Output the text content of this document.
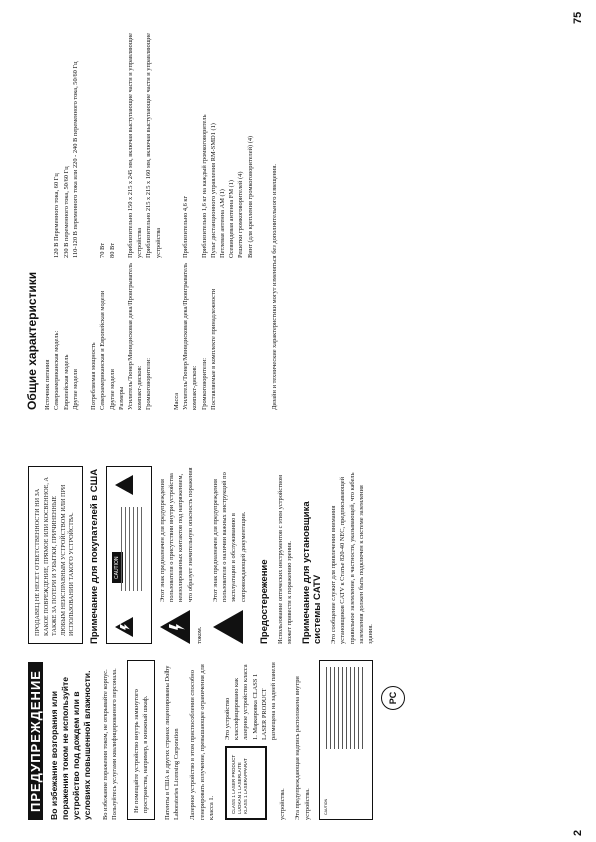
2
75
ПРЕДУПРЕЖДЕНИЕ Во избежание возгорания или поражения током не используйте устройство под дождем или в условиях повышенной влажности. Во избежание поражения током, не открывайте корпус. Пользуйтесь услугами квалифицированного персонала.	Не помещайте устройство внутрь замкнутого пространства, например, в книжный шкаф.	Патенты в США и других странах лицензированы Dolby Laboratories Licensing Corporation Лазерное устройство в этом приспособлении способно генерировать излучение, превышающее ограничения для класса 1.	CLASS 1 LASER PRODUCT LUOKAN 1 LASERLAITE KLASS 1 LASERAPPARAT
Это устройство классифицировано как лазерное устройство класса 1. Маркировка CLASS 1 LASER PRODUCT размещена на задней панели устройства. Эта предупреждающая надпись расположена внутри устройства.	CAUTION
PC
ПРОДАВЕЦ НЕ НЕСЕТ ОТВЕТСТВЕННОСТИ НИ ЗА КАКОЕ ПОВРЕЖДЕНИЕ, ПРЯМОЕ ИЛИ КОСВЕННОЕ, А ТАКЖЕ ЗА ПОТЕРИ И УБЫТКИ, ПРИЧИНЕННЫЕ ЛЮБЫМ НЕИСПРАВНЫМ УСТРОЙСТВОМ ИЛИ ПРИ ИСПОЛЬЗОВАНИИ ТАКОГО УСТРОЙСТВА.	Примечание для покупателей в США	CAUTION	Этот знак предназначен для предупреждения пользователя о присутствии внутри устройства неизолированных контактов под напряжением, что образует значительную опасность поражения током.

Этот знак предназначен для предупреждения пользователя о наличии важных инструкций по эксплуатации и обслуживанию в сопровождающей документации. Предостережение Использование оптических инструментов с этим устройством может привести к поражению зрения. Примечание для установщика системы CATV Это сообщение служит для привлечения внимания установщиков CATV к Статье 820-40 NEC, предписывающей правильное заземление, в частности, указывающей, что кабель заземления должен быть подключен к системе заземления здания.

Общие характеристики Источник питания Североамериканская модель:
120 В Переменного тока, 60 Гц
Европейская модель
230 В переменного тока, 50/60 Гц
Другие модели
110-120 В переменного тока или 220 - 240 В переменного тока, 50/60 Гц
Потребляемая мощность Североамериканская и Европейская модели
70 Вт
Другие модели
80 Вт
Размеры Усилитель/Тюнер/Минидисковая дека/Проигрыватель компакт-дисков:
Приблизительно 150 x 215 x 245 мм, включая выступающие части и управляющие устройства
Громкоговорители:
Приблизительно 215 x 215 x 160 мм, включая выступающие части и управляющие устройства
Масса Усилитель/Тюнер/Минидисковая дека/Проигрыватель компакт-дисков:
Приблизительно 4,6 кг
Громкоговорители:
Приблизительно 1,6 кг на каждый громкоговоритель
Поставляемые в комплекте принадлежности
Пульт дистанционного управления RM-SMD1 (1) Петлевая антенна AM (1) Осевиндевая антенна FM (1) Решетки громкоговорителей (4) Винт (для крепления громкоговорителей) (4)	Дизайн и технические характеристики могут изменяться без дополнительного извещения.
